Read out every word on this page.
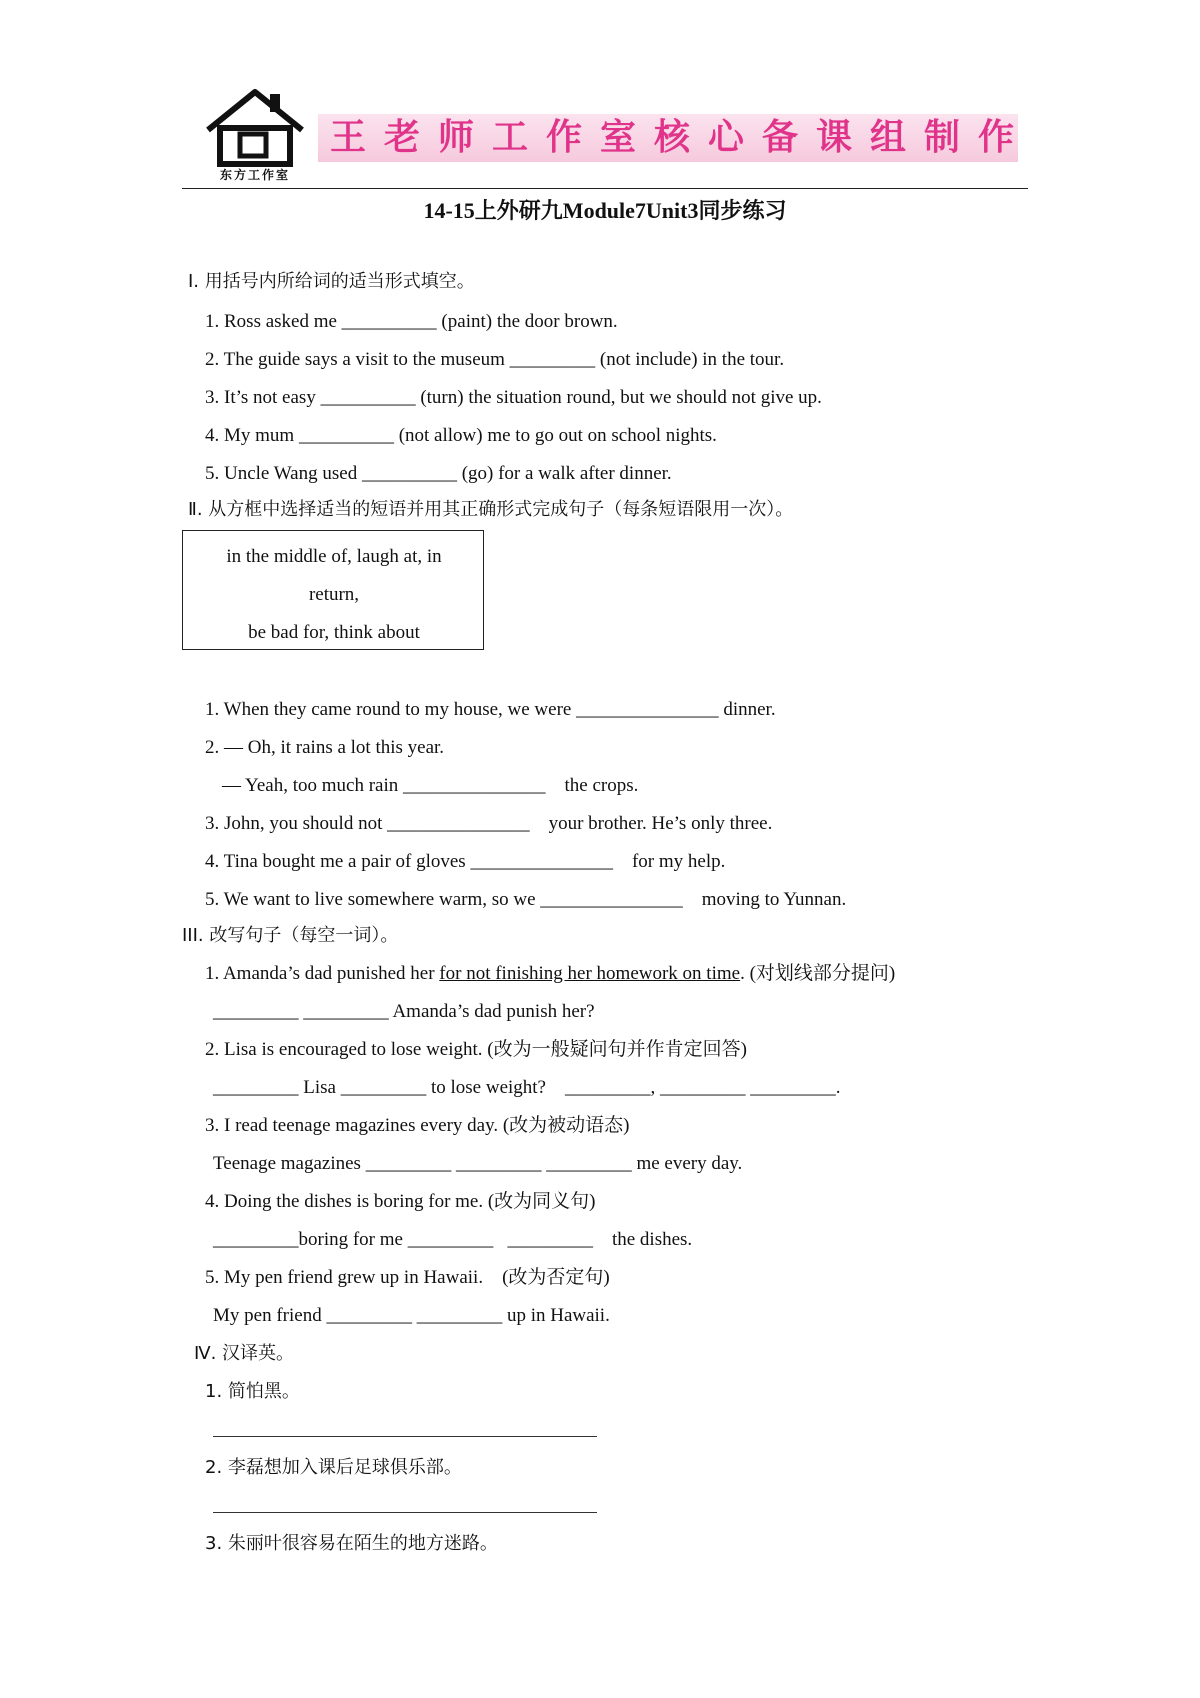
东方工作室
王老师工作室核心备课组制作
14-15上外研九Module7Unit3同步练习
Ⅰ. 用括号内所给词的适当形式填空。
1. Ross asked me __________ (paint) the door brown.
2. The guide says a visit to the museum _________ (not include) in the tour.
3. It’s not easy __________ (turn) the situation round, but we should not give up.
4. My mum __________ (not allow) me to go out on school nights.
5. Uncle Wang used __________ (go) for a walk after dinner.
Ⅱ. 从方框中选择适当的短语并用其正确形式完成句子（每条短语限用一次）。
in the middle of, laugh at, in
return,
be bad for, think about
1. When they came round to my house, we were _______________ dinner.
2. — Oh, it rains a lot this year.
— Yeah, too much rain _______________    the crops.
3. John, you should not _______________    your brother. He’s only three.
4. Tina bought me a pair of gloves _______________    for my help.
5. We want to live somewhere warm, so we _______________    moving to Yunnan.
III. 改写句子（每空一词）。
1. Amanda’s dad punished her for not finishing her homework on time. (对划线部分提问)
_________ _________ Amanda’s dad punish her?
2. Lisa is encouraged to lose weight. (改为一般疑问句并作肯定回答)
_________ Lisa _________ to lose weight?    _________, _________ _________.
3. I read teenage magazines every day. (改为被动语态)
Teenage magazines _________ _________ _________ me every day.
4. Doing the dishes is boring for me. (改为同义句)
_________boring for me _________   _________    the dishes.
5. My pen friend grew up in Hawaii.    (改为否定句)
My pen friend _________ _________ up in Hawaii.
Ⅳ. 汉译英。
1. 简怕黑。
2. 李磊想加入课后足球俱乐部。
3. 朱丽叶很容易在陌生的地方迷路。
